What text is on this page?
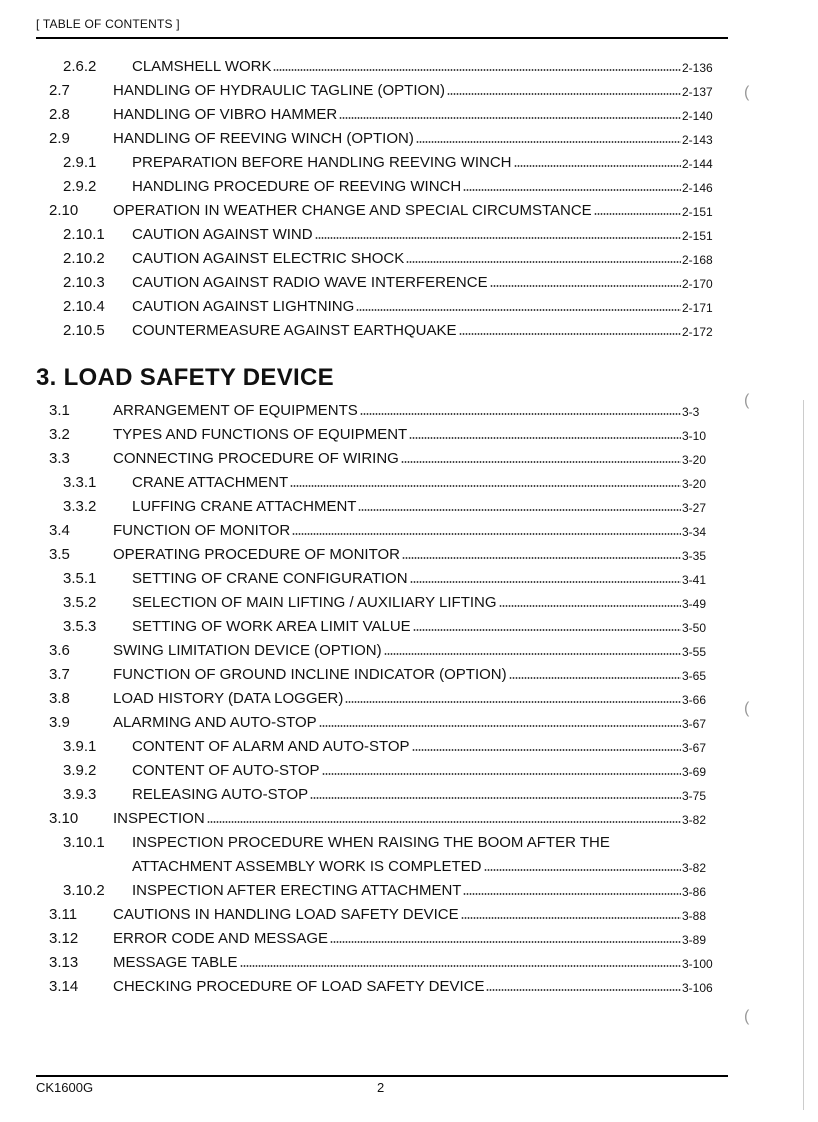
[ TABLE OF CONTENTS ]
2.6.2 CLAMSHELL WORK	2-136
2.7	HANDLING OF HYDRAULIC TAGLINE (OPTION)	2-137
2.8	HANDLING OF VIBRO HAMMER	2-140
2.9	HANDLING OF REEVING WINCH (OPTION)	2-143
2.9.1 PREPARATION BEFORE HANDLING REEVING WINCH	2-144
2.9.2 HANDLING PROCEDURE OF REEVING WINCH	2-146
2.10 OPERATION IN WEATHER CHANGE AND SPECIAL CIRCUMSTANCE	2-151
2.10.1 CAUTION AGAINST WIND	2-151
2.10.2 CAUTION AGAINST ELECTRIC SHOCK	2-168
2.10.3 CAUTION AGAINST RADIO WAVE INTERFERENCE	2-170
2.10.4 CAUTION AGAINST LIGHTNING	2-171
2.10.5 COUNTERMEASURE AGAINST EARTHQUAKE	2-172
3. LOAD SAFETY DEVICE
3.1	ARRANGEMENT OF EQUIPMENTS	3-3
3.2	TYPES AND FUNCTIONS OF EQUIPMENT	3-10
3.3	CONNECTING PROCEDURE OF WIRING	3-20
3.3.1 CRANE ATTACHMENT	3-20
3.3.2 LUFFING CRANE ATTACHMENT	3-27
3.4	FUNCTION OF MONITOR	3-34
3.5	OPERATING PROCEDURE OF MONITOR	3-35
3.5.1 SETTING OF CRANE CONFIGURATION	3-41
3.5.2 SELECTION OF MAIN LIFTING / AUXILIARY LIFTING	3-49
3.5.3 SETTING OF WORK AREA LIMIT VALUE	3-50
3.6	SWING LIMITATION DEVICE (OPTION)	3-55
3.7	FUNCTION OF GROUND INCLINE INDICATOR (OPTION)	3-65
3.8	LOAD HISTORY (DATA LOGGER)	3-66
3.9	ALARMING AND AUTO-STOP	3-67
3.9.1 CONTENT OF ALARM AND AUTO-STOP	3-67
3.9.2 CONTENT OF AUTO-STOP	3-69
3.9.3 RELEASING AUTO-STOP	3-75
3.10 INSPECTION	3-82
3.10.1 INSPECTION PROCEDURE WHEN RAISING THE BOOM AFTER THE
ATTACHMENT ASSEMBLY WORK IS COMPLETED	3-82
3.10.2 INSPECTION AFTER ERECTING ATTACHMENT	3-86
3.11 CAUTIONS IN HANDLING LOAD SAFETY DEVICE	3-88
3.12 ERROR CODE AND MESSAGE	3-89
3.13 MESSAGE TABLE	3-100
3.14 CHECKING PROCEDURE OF LOAD SAFETY DEVICE	3-106
(
(
(
(
CK1600G	2
